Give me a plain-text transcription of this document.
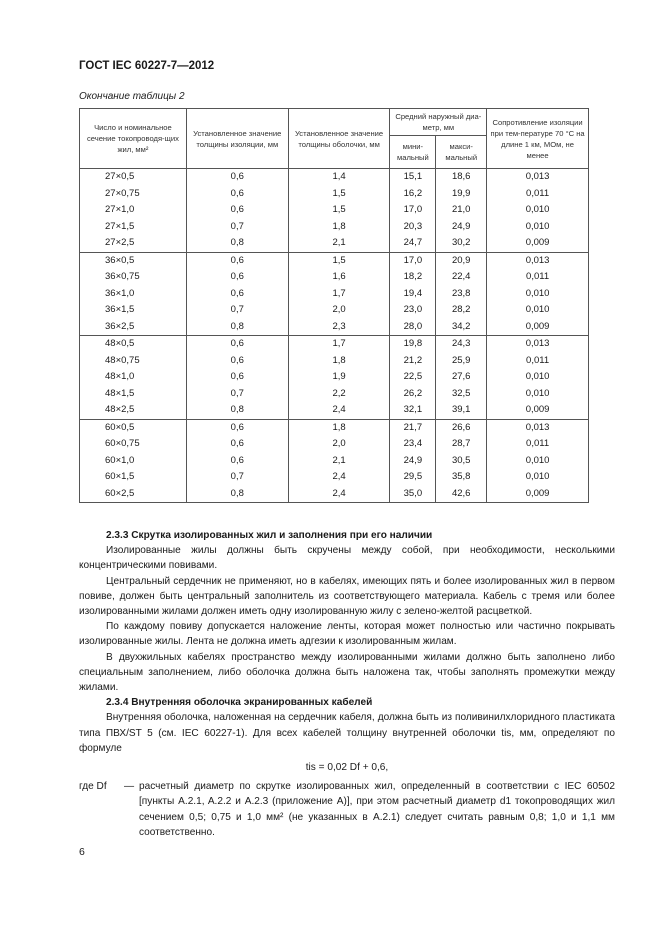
ГОСТ IEC 60227-7—2012
Окончание таблицы 2
Число и номинальное сечение токопроводя-щих жил, мм²	Установленное значение толщины изоляции, мм	Установленное значение толщины оболочки, мм	Средний наружный диа-метр, мм		Сопротивление изоляции при тем-пературе 70 °C на длине 1 км, МОм, не менее
			мини-мальный	макси-мальный	
27×0,5	0,6	1,4	15,1	18,6	0,013
27×0,75	0,6	1,5	16,2	19,9	0,011
27×1,0	0,6	1,5	17,0	21,0	0,010
27×1,5	0,7	1,8	20,3	24,9	0,010
27×2,5	0,8	2,1	24,7	30,2	0,009
36×0,5	0,6	1,5	17,0	20,9	0,013
36×0,75	0,6	1,6	18,2	22,4	0,011
36×1,0	0,6	1,7	19,4	23,8	0,010
36×1,5	0,7	2,0	23,0	28,2	0,010
36×2,5	0,8	2,3	28,0	34,2	0,009
48×0,5	0,6	1,7	19,8	24,3	0,013
48×0,75	0,6	1,8	21,2	25,9	0,011
48×1,0	0,6	1,9	22,5	27,6	0,010
48×1,5	0,7	2,2	26,2	32,5	0,010
48×2,5	0,8	2,4	32,1	39,1	0,009
60×0,5	0,6	1,8	21,7	26,6	0,013
60×0,75	0,6	2,0	23,4	28,7	0,011
60×1,0	0,6	2,1	24,9	30,5	0,010
60×1,5	0,7	2,4	29,5	35,8	0,010
60×2,5	0,8	2,4	35,0	42,6	0,009

2.3.3 Скрутка изолированных жил и заполнения при его наличии

Изолированные жилы должны быть скручены между собой, при необходимости, несколькими концентрическими повивами.

Центральный сердечник не применяют, но в кабелях, имеющих пять и более изолированных жил в первом повиве, должен быть центральный заполнитель из соответствующего материала. Кабель с тремя или более изолированными жилами должен иметь одну изолированную жилу с зелено-желтой расцветкой.

По каждому повиву допускается наложение ленты, которая может полностью или частично покрывать изолированные жилы. Лента не должна иметь адгезии к изолированным жилам.

В двухжильных кабелях пространство между изолированными жилами должно быть заполнено либо специальным заполнением, либо оболочка должна быть наложена так, чтобы заполнять промежутки между жилами.

2.3.4 Внутренняя оболочка экранированных кабелей

Внутренняя оболочка, наложенная на сердечник кабеля, должна быть из поливинилхлоридного пластиката типа ПВХ/ST 5 (см. IEC 60227-1). Для всех кабелей толщину внутренней оболочки tis, мм, определяют по формуле

tis = 0,02 Df + 0,6,
где Df	— расчетный диаметр по скрутке изолированных жил, определенный в соответствии с IEC 60502 [пункты A.2.1, A.2.2 и A.2.3 (приложение A)], при этом расчетный диаметр d1 токопроводящих жил сечением 0,5; 0,75 и 1,0 мм² (не указанных в A.2.1) следует считать равным 0,8; 1,0 и 1,1 мм соответственно.
6
